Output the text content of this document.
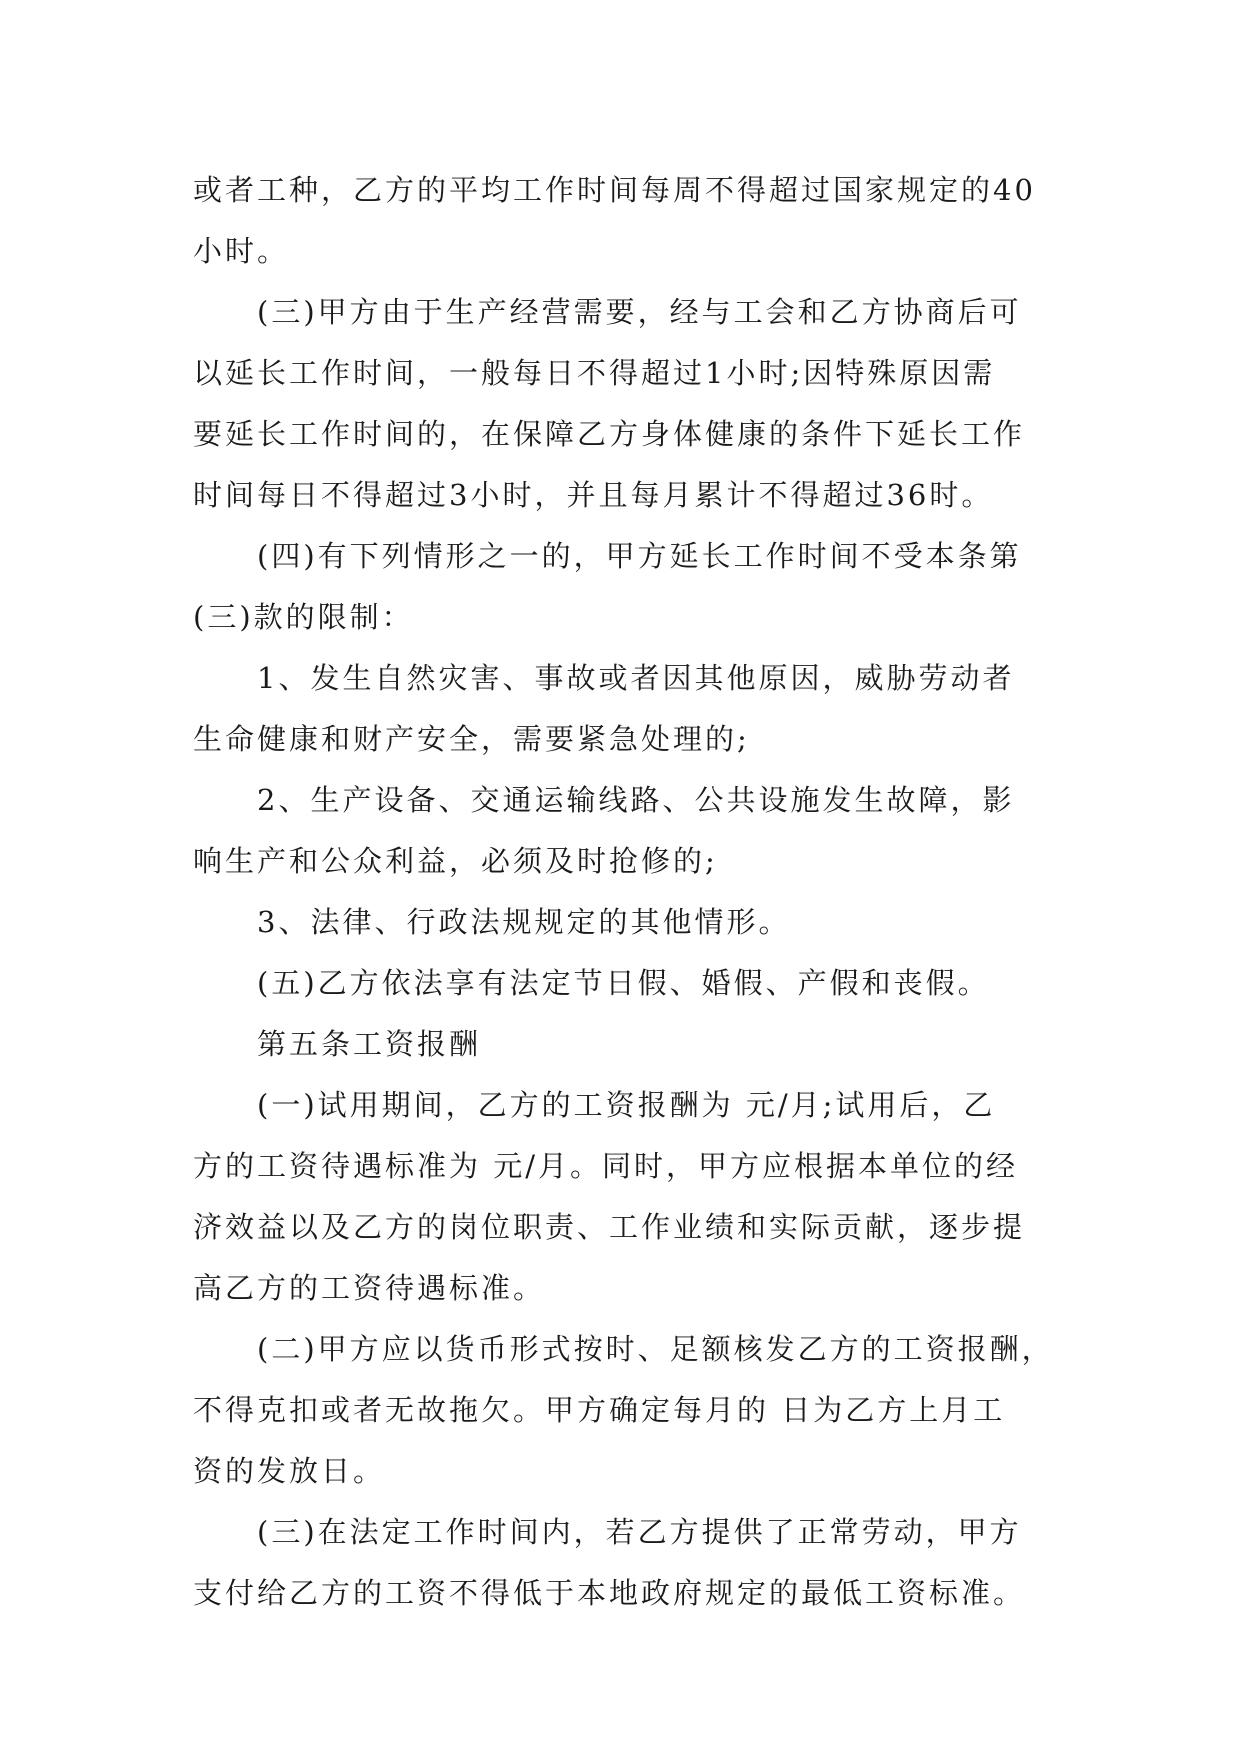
或者工种，乙方的平均工作时间每周不得超过国家规定的40
小时。
(三)甲方由于生产经营需要，经与工会和乙方协商后可
以延长工作时间，一般每日不得超过1小时;因特殊原因需
要延长工作时间的，在保障乙方身体健康的条件下延长工作
时间每日不得超过3小时，并且每月累计不得超过36时。
(四)有下列情形之一的，甲方延长工作时间不受本条第
(三)款的限制：
1、发生自然灾害、事故或者因其他原因，威胁劳动者
生命健康和财产安全，需要紧急处理的;
2、生产设备、交通运输线路、公共设施发生故障，影
响生产和公众利益，必须及时抢修的;
3、法律、行政法规规定的其他情形。
(五)乙方依法享有法定节日假、婚假、产假和丧假。
第五条工资报酬
(一)试用期间，乙方的工资报酬为 元/月;试用后，乙
方的工资待遇标准为 元/月。同时，甲方应根据本单位的经
济效益以及乙方的岗位职责、工作业绩和实际贡献，逐步提
高乙方的工资待遇标准。
(二)甲方应以货币形式按时、足额核发乙方的工资报酬，
不得克扣或者无故拖欠。甲方确定每月的 日为乙方上月工
资的发放日。
(三)在法定工作时间内，若乙方提供了正常劳动，甲方
支付给乙方的工资不得低于本地政府规定的最低工资标准。
